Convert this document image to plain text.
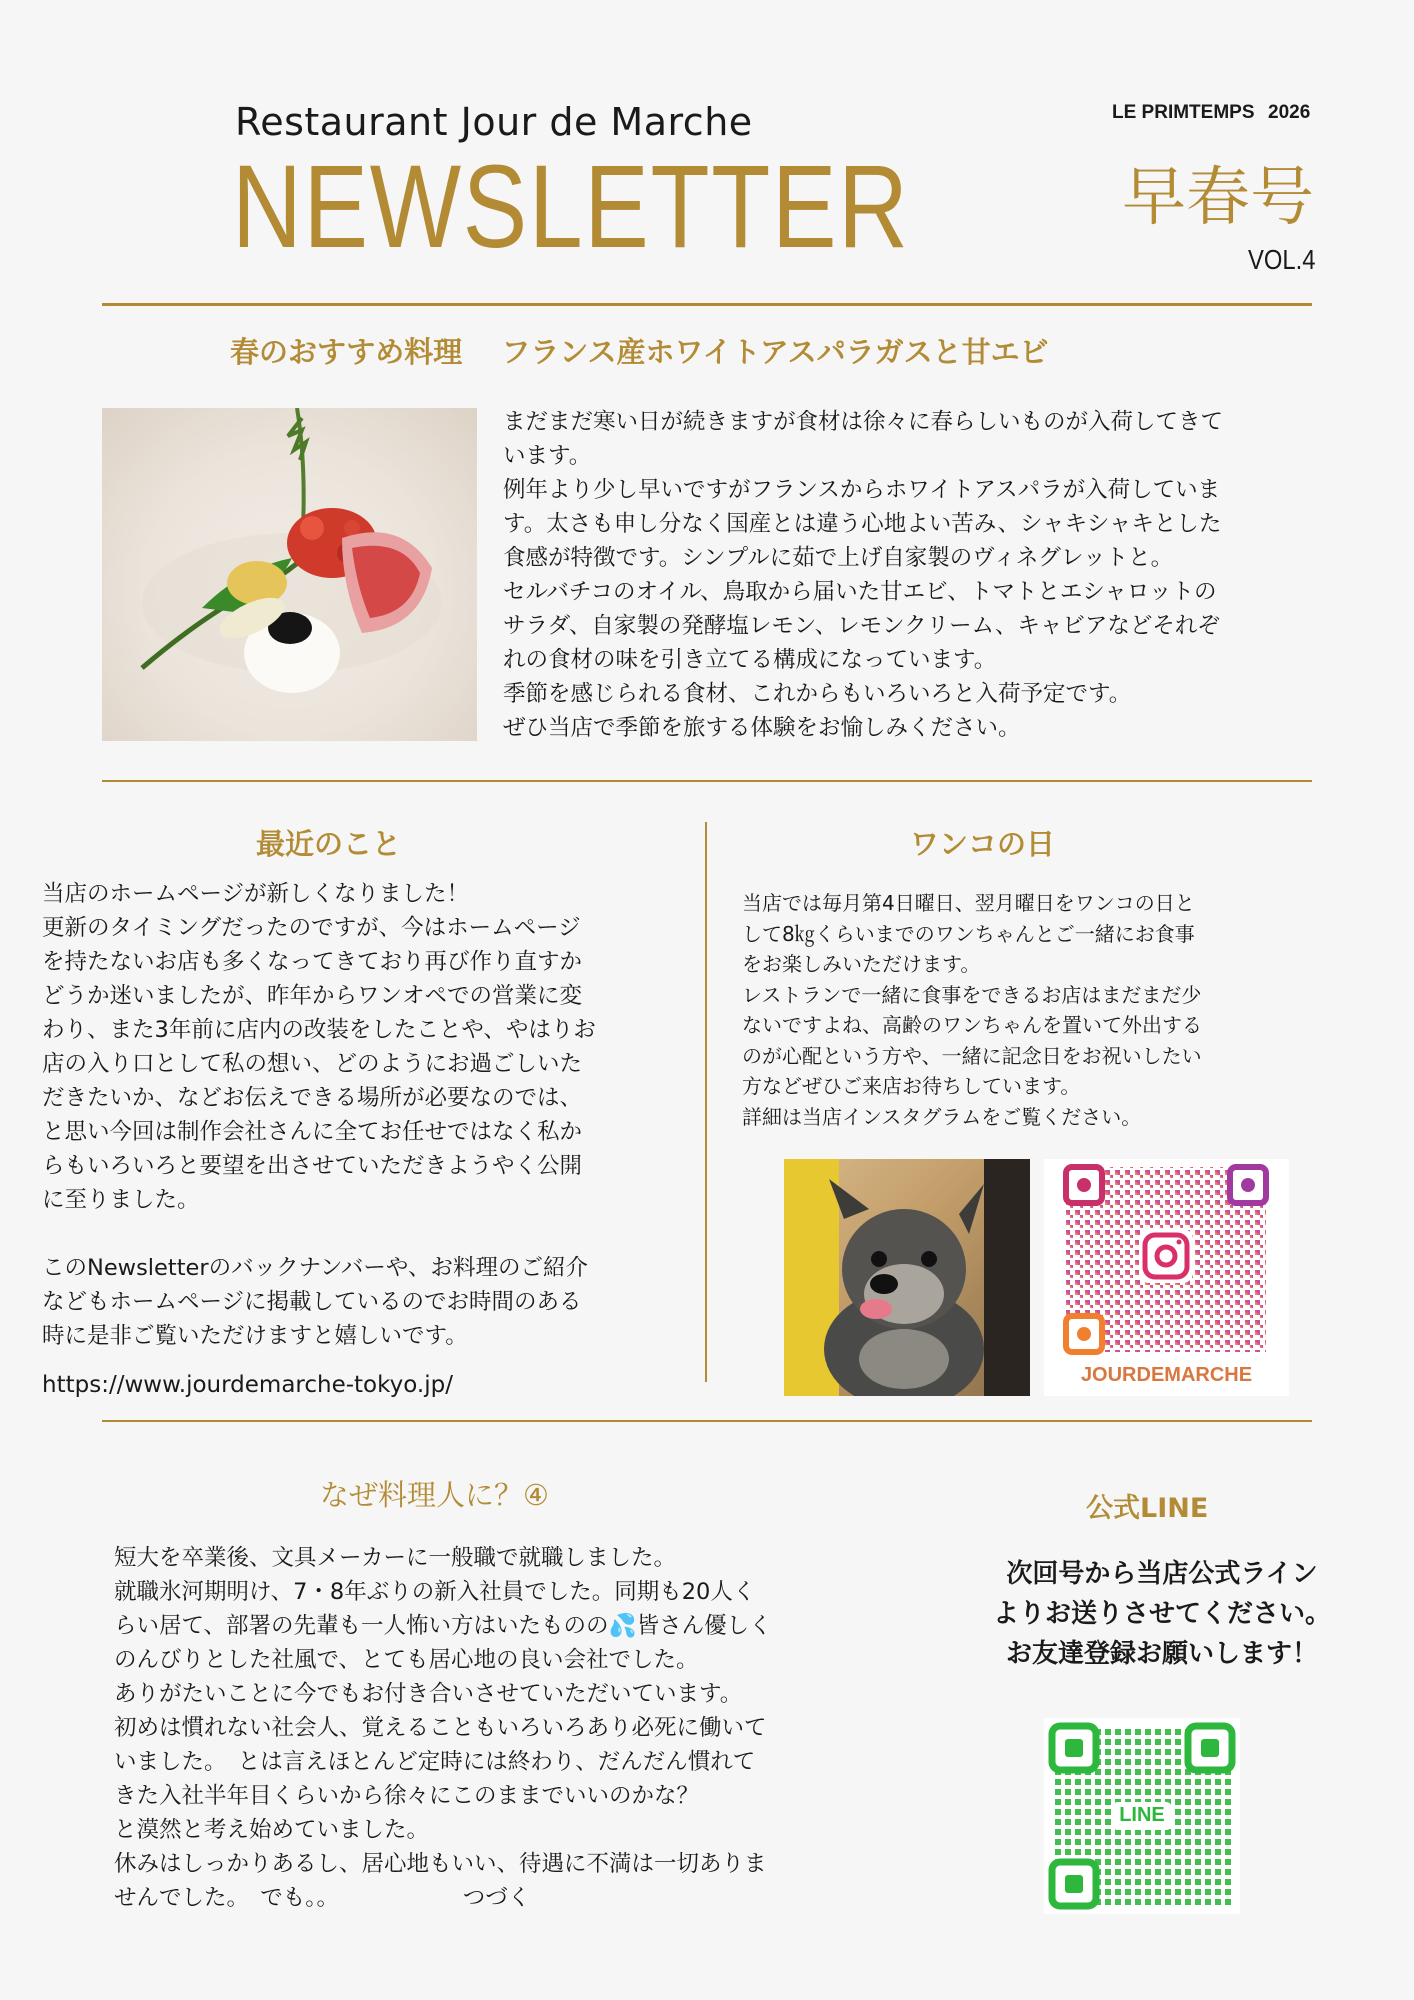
Restaurant Jour de Marche
NEWSLETTER
LE PRIMTEMPS 2026
早春号
VOL.4
春のおすすめ料理　 フランス産ホワイトアスパラガスと甘エビ

まだまだ寒い日が続きますが食材は徐々に春らしいものが入荷してきて

います。

例年より少し早いですがフランスからホワイトアスパラが入荷していま

す。太さも申し分なく国産とは違う心地よい苦み、シャキシャキとした

食感が特徴です。シンプルに茹で上げ自家製のヴィネグレットと。

セルバチコのオイル、鳥取から届いた甘エビ、トマトとエシャロットの

サラダ、自家製の発酵塩レモン、レモンクリーム、キャビアなどそれぞ

れの食材の味を引き立てる構成になっています。

季節を感じられる食材、これからもいろいろと入荷予定です。

ぜひ当店で季節を旅する体験をお愉しみください。

最近のこと

当店のホームページが新しくなりました！

更新のタイミングだったのですが、今はホームページ

を持たないお店も多くなってきており再び作り直すか

どうか迷いましたが、昨年からワンオペでの営業に変

わり、また3年前に店内の改装をしたことや、やはりお

店の入り口として私の想い、どのようにお過ごしいた

だきたいか、などお伝えできる場所が必要なのでは、

と思い今回は制作会社さんに全てお任せではなく私か

らもいろいろと要望を出させていただきようやく公開

に至りました。

このNewsletterのバックナンバーや、お料理のご紹介

などもホームページに掲載しているのでお時間のある

時に是非ご覧いただけますと嬉しいです。

https://www.jourdemarche-tokyo.jp/
ワンコの日

当店では毎月第4日曜日、翌月曜日をワンコの日と

して8㎏くらいまでのワンちゃんとご一緒にお食事

をお楽しみいただけます。

レストランで一緒に食事をできるお店はまだまだ少

ないですよね、高齢のワンちゃんを置いて外出する

のが心配という方や、一緒に記念日をお祝いしたい

方などぜひご来店お待ちしています。

詳細は当店インスタグラムをご覧ください。

JOURDEMARCHE
なぜ料理人に？④

短大を卒業後、文具メーカーに一般職で就職しました。

就職氷河期明け、7・8年ぶりの新入社員でした。同期も20人く

らい居て、部署の先輩も一人怖い方はいたものの💦皆さん優しく

のんびりとした社風で、とても居心地の良い会社でした。

ありがたいことに今でもお付き合いさせていただいています。

初めは慣れない社会人、覚えることもいろいろあり必死に働いて

いました。　とは言えほとんど定時には終わり、だんだん慣れて

きた入社半年目くらいから徐々にこのままでいいのかな？

と漠然と考え始めていました。

休みはしっかりあるし、居心地もいい、待遇に不満は一切ありま

せんでした。　でも。。　　　　　　つづく

公式LINE

次回号から当店公式ライン

よりお送りさせてください。

お友達登録お願いします！

LINE
